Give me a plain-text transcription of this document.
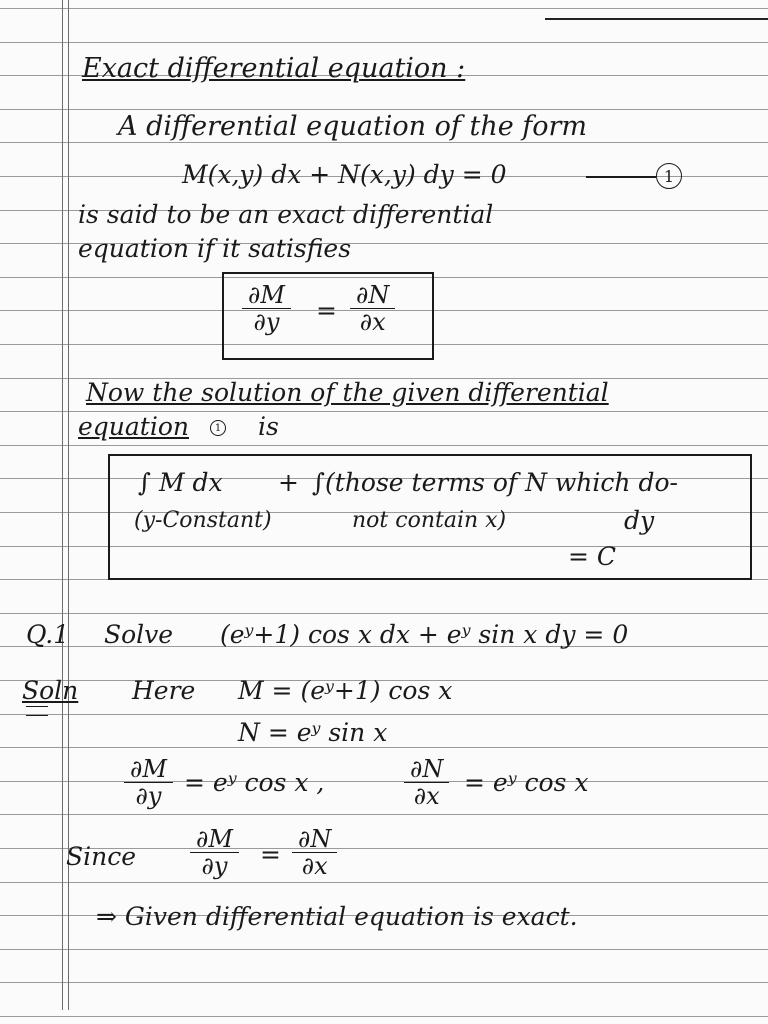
Exact differential equation :
A differential equation of the form
M(x,y) dx + N(x,y) dy = 0	1
is said to be an exact differential
equation if it satisfies
$\frac{\partial M}{\partial y} = \frac{\partial N}{\partial x}$
Now the solution of the given differential
equation	1 is
∫ M dx + ∫(those terms of N which do-
(y-Constant)	not contain x)	dy
= C
Q.1 Solve (eʸ+1) cos x dx + eʸ sin x dy = 0
Soln Here M = (eʸ+1) cos x
N = eʸ sin x
$\frac{\partial M}{\partial y}$ = eʸ cos x ,	$\frac{\partial N}{\partial x}$ = eʸ cos x
Since $\frac{\partial M}{\partial y} = \frac{\partial N}{\partial x}$
⇒ Given differential equation is exact.
